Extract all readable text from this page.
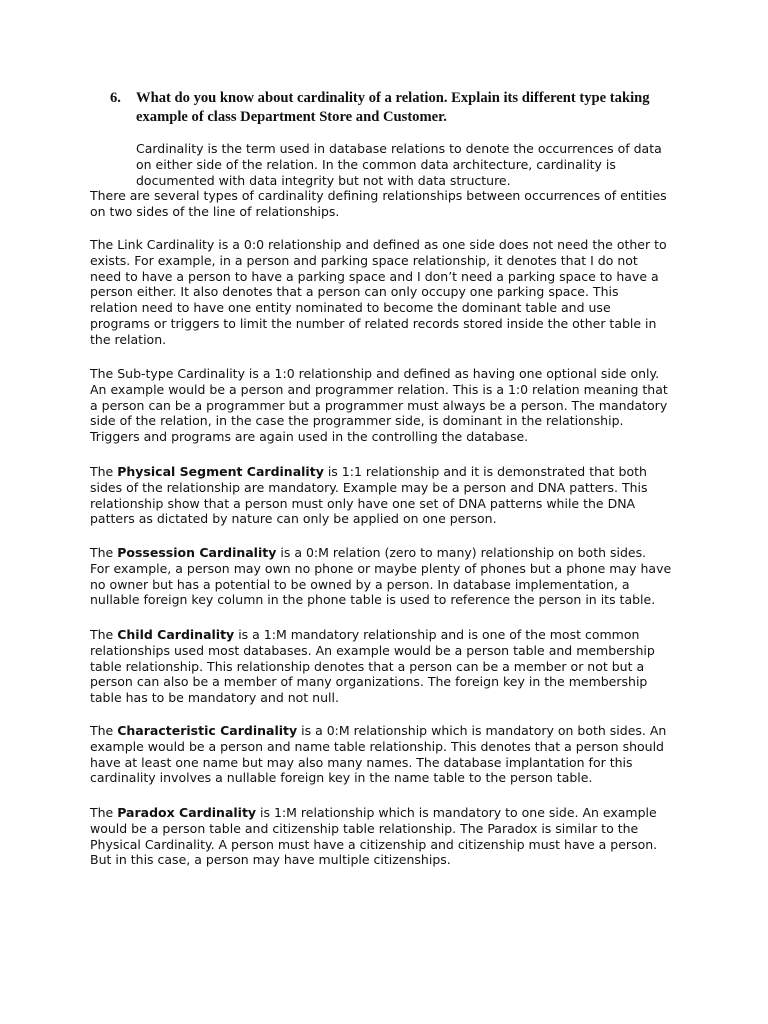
6. What do you know about cardinality of a relation. Explain its different type taking
example of class Department Store and Customer.
Cardinality is the term used in database relations to denote the occurrences of data
on either side of the relation. In the common data architecture, cardinality is
documented with data integrity but not with data structure.
There are several types of cardinality defining relationships between occurrences of entities
on two sides of the line of relationships.
The Link Cardinality is a 0:0 relationship and defined as one side does not need the other to
exists. For example, in a person and parking space relationship, it denotes that I do not
need to have a person to have a parking space and I don’t need a parking space to have a
person either. It also denotes that a person can only occupy one parking space. This
relation need to have one entity nominated to become the dominant table and use
programs or triggers to limit the number of related records stored inside the other table in
the relation.
The Sub-type Cardinality is a 1:0 relationship and defined as having one optional side only.
An example would be a person and programmer relation. This is a 1:0 relation meaning that
a person can be a programmer but a programmer must always be a person. The mandatory
side of the relation, in the case the programmer side, is dominant in the relationship.
Triggers and programs are again used in the controlling the database.
The Physical Segment Cardinality is 1:1 relationship and it is demonstrated that both
sides of the relationship are mandatory. Example may be a person and DNA patters. This
relationship show that a person must only have one set of DNA patterns while the DNA
patters as dictated by nature can only be applied on one person.
The Possession Cardinality is a 0:M relation (zero to many) relationship on both sides.
For example, a person may own no phone or maybe plenty of phones but a phone may have
no owner but has a potential to be owned by a person. In database implementation, a
nullable foreign key column in the phone table is used to reference the person in its table.
The Child Cardinality is a 1:M mandatory relationship and is one of the most common
relationships used most databases. An example would be a person table and membership
table relationship. This relationship denotes that a person can be a member or not but a
person can also be a member of many organizations. The foreign key in the membership
table has to be mandatory and not null.
The Characteristic Cardinality is a 0:M relationship which is mandatory on both sides. An
example would be a person and name table relationship. This denotes that a person should
have at least one name but may also many names. The database implantation for this
cardinality involves a nullable foreign key in the name table to the person table.
The Paradox Cardinality is 1:M relationship which is mandatory to one side. An example
would be a person table and citizenship table relationship. The Paradox is similar to the
Physical Cardinality. A person must have a citizenship and citizenship must have a person.
But in this case, a person may have multiple citizenships.
